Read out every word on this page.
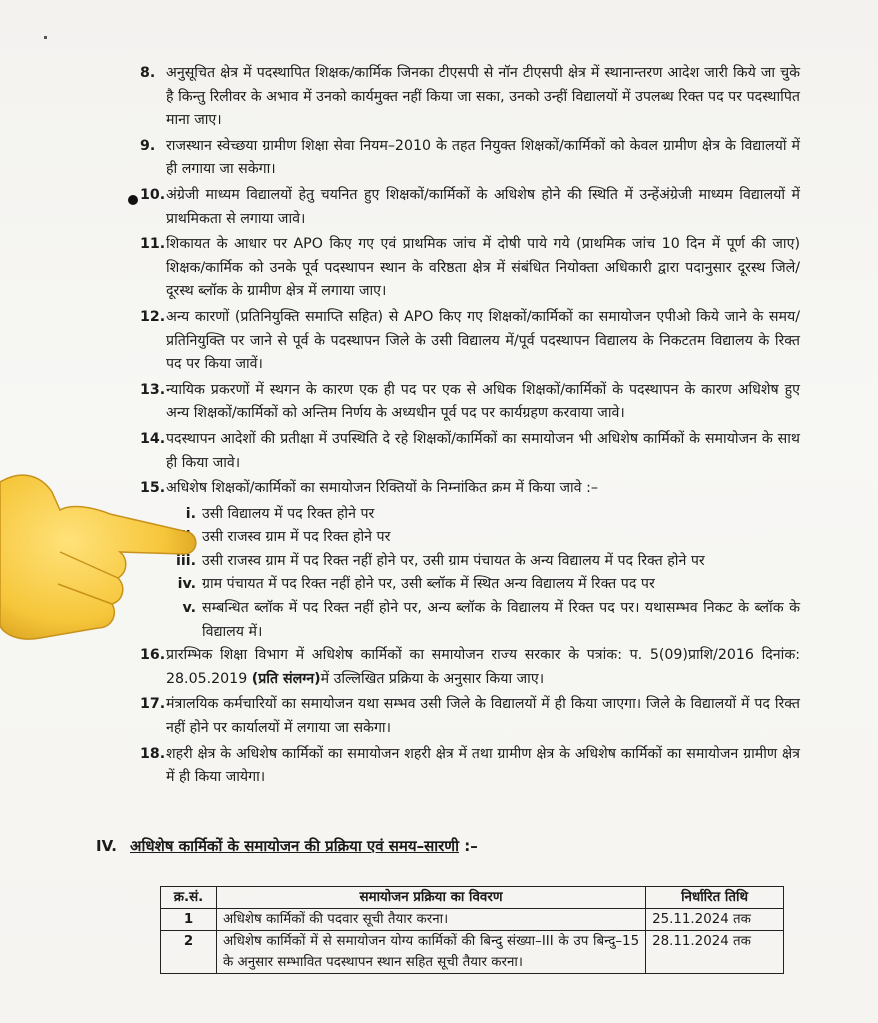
8. अनुसूचित क्षेत्र में पदस्थापित शिक्षक/कार्मिक जिनका टीएसपी से नॉन टीएसपी क्षेत्र में स्थानान्तरण आदेश जारी किये जा चुके है किन्तु रिलीवर के अभाव में उनको कार्यमुक्त नहीं किया जा सका, उनको उन्हीं विद्यालयों में उपलब्ध रिक्त पद पर पदस्थापित माना जाए।

9. राजस्थान स्वेच्छया ग्रामीण शिक्षा सेवा नियम–2010 के तहत नियुक्त शिक्षकों/कार्मिकों को केवल ग्रामीण क्षेत्र के विद्यालयों में ही लगाया जा सकेगा।

10. अंग्रेजी माध्यम विद्यालयों हेतु चयनित हुए शिक्षकों/कार्मिकों के अधिशेष होने की स्थिति में उन्हेंअंग्रेजी माध्यम विद्यालयों में प्राथमिकता से लगाया जावे।

11. शिकायत के आधार पर APO किए गए एवं प्राथमिक जांच में दोषी पाये गये (प्राथमिक जांच 10 दिन में पूर्ण की जाए) शिक्षक/कार्मिक को उनके पूर्व पदस्थापन स्थान के वरिष्ठता क्षेत्र में संबंधित नियोक्ता अधिकारी द्वारा पदानुसार दूरस्थ जिले/दूरस्थ ब्लॉक के ग्रामीण क्षेत्र में लगाया जाए।

12. अन्य कारणों (प्रतिनियुक्ति समाप्ति सहित) से APO किए गए शिक्षकों/कार्मिकों का समायोजन एपीओ किये जाने के समय/प्रतिनियुक्ति पर जाने से पूर्व के पदस्थापन जिले के उसी विद्यालय में/पूर्व पदस्थापन विद्यालय के निकटतम विद्यालय के रिक्त पद पर किया जावें।

13. न्यायिक प्रकरणों में स्थगन के कारण एक ही पद पर एक से अधिक शिक्षकों/कार्मिकों के पदस्थापन के कारण अधिशेष हुए अन्य शिक्षकों/कार्मिकों को अन्तिम निर्णय के अध्यधीन पूर्व पद पर कार्यग्रहण करवाया जावे।

14. पदस्थापन आदेशों की प्रतीक्षा में उपस्थिति दे रहे शिक्षकों/कार्मिकों का समायोजन भी अधिशेष कार्मिकों के समायोजन के साथ ही किया जावे।

15. अधिशेष शिक्षकों/कार्मिकों का समायोजन रिक्तियों के निम्नांकित क्रम में किया जावे :–

i. उसी विद्यालय में पद रिक्त होने पर
उसी राजस्व ग्राम में पद रिक्त होने पर
iii. उसी राजस्व ग्राम में पद रिक्त नहीं होने पर, उसी ग्राम पंचायत के अन्य विद्यालय में पद रिक्त होने पर
iv. ग्राम पंचायत में पद रिक्त नहीं होने पर, उसी ब्लॉक में स्थित अन्य विद्यालय में रिक्त पद पर
v. सम्बन्धित ब्लॉक में पद रिक्त नहीं होने पर, अन्य ब्लॉक के विद्यालय में रिक्त पद पर। यथासम्भव निकट के ब्लॉक के विद्यालय में।
16. प्रारम्भिक शिक्षा विभाग में अधिशेष कार्मिकों का समायोजन राज्य सरकार के पत्रांक: प. 5(09)प्राशि/2016 दिनांक: 28.05.2019 (प्रति संलग्न)में उल्लिखित प्रक्रिया के अनुसार किया जाए।

17. मंत्रालयिक कर्मचारियों का समायोजन यथा सम्भव उसी जिले के विद्यालयों में ही किया जाएगा। जिले के विद्यालयों में पद रिक्त नहीं होने पर कार्यालयों में लगाया जा सकेगा।

18. शहरी क्षेत्र के अधिशेष कार्मिकों का समायोजन शहरी क्षेत्र में तथा ग्रामीण क्षेत्र के अधिशेष कार्मिकों का समायोजन ग्रामीण क्षेत्र में ही किया जायेगा।

IV. अधिशेष कार्मिकों के समायोजन की प्रक्रिया एवं समय–सारणी :–
क्र.सं.	समायोजन प्रक्रिया का विवरण	निर्धारित तिथि
1	अधिशेष कार्मिकों की पदवार सूची तैयार करना।	25.11.2024 तक
2	अधिशेष कार्मिकों में से समायोजन योग्य कार्मिकों की बिन्दु संख्या–III के उप बिन्दु–15 के अनुसार सम्भावित पदस्थापन स्थान सहित सूची तैयार करना।	28.11.2024 तक
